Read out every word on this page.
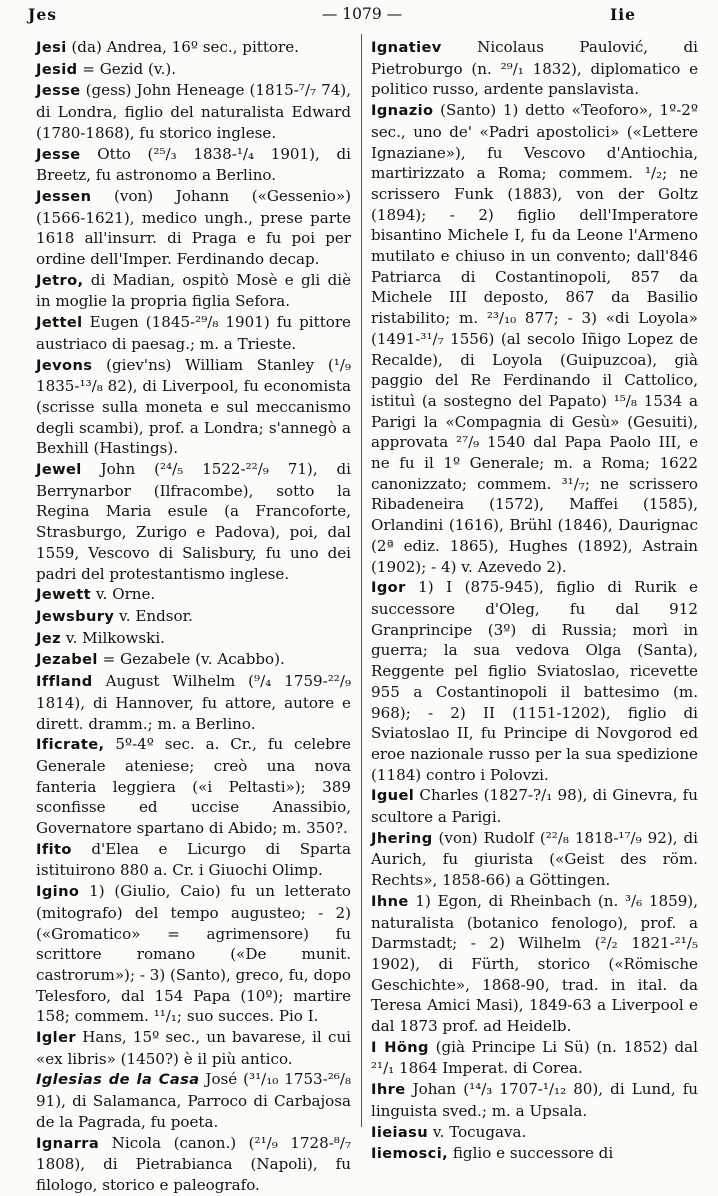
— 1079 —
Jes	Iie

Jesi (da) Andrea, 16º sec., pittore.

Jesid = Gezid (v.).

Jesse (gess) John Heneage (1815-⁷/₇ 74), di Londra, figlio del naturalista Edward (1780-1868), fu storico inglese.

Jesse Otto (²⁵/₃ 1838-¹/₄ 1901), di Breetz, fu astronomo a Berlino.

Jessen (von) Johann («Gessenio») (1566-1621), medico ungh., prese parte 1618 all'insurr. di Praga e fu poi per ordine dell'Imper. Ferdinando decap.

Jetro, di Madian, ospitò Mosè e gli diè in moglie la propria figlia Sefora.

Jettel Eugen (1845-²⁹/₈ 1901) fu pittore austriaco di paesag.; m. a Trieste.

Jevons (giev'ns) William Stanley (¹/₉ 1835-¹³/₈ 82), di Liverpool, fu economista (scrisse sulla moneta e sul meccanismo degli scambi), prof. a Londra; s'annegò a Bexhill (Hastings).

Jewel John (²⁴/₅ 1522-²²/₉ 71), di Berrynarbor (Ilfracombe), sotto la Regina Maria esule (a Francoforte, Strasburgo, Zurigo e Padova), poi, dal 1559, Vescovo di Salisbury, fu uno dei padri del protestantismo inglese.

Jewett v. Orne.

Jewsbury v. Endsor.

Jez v. Milkowski.

Jezabel = Gezabele (v. Acabbo).

Iffland August Wilhelm (⁹/₄ 1759-²²/₉ 1814), di Hannover, fu attore, autore e dirett. dramm.; m. a Berlino.

Ificrate, 5º-4º sec. a. Cr., fu celebre Generale ateniese; creò una nova fanteria leggiera («i Peltasti»); 389 sconfisse ed uccise Anassibio, Governatore spartano di Abido; m. 350?.

Ifito d'Elea e Licurgo di Sparta istituirono 880 a. Cr. i Giuochi Olimp.

Igino 1) (Giulio, Caio) fu un letterato (mitografo) del tempo augusteo; - 2) («Gromatico» = agrimensore) fu scrittore romano («De munit. castrorum»); - 3) (Santo), greco, fu, dopo Telesforo, dal 154 Papa (10º); martire 158; commem. ¹¹/₁; suo succes. Pio I.

Igler Hans, 15º sec., un bavarese, il cui «ex libris» (1450?) è il più antico.

Iglesias de la Casa José (³¹/₁₀ 1753-²⁶/₈ 91), di Salamanca, Parroco di Carbajosa de la Pagrada, fu poeta.

Ignarra Nicola (canon.) (²¹/₉ 1728-⁸/₇ 1808), di Pietrabianca (Napoli), fu filologo, storico e paleografo.

Ignatiev Nicolaus Paulović, di Pietroburgo (n. ²⁹/₁ 1832), diplomatico e politico russo, ardente panslavista.

Ignazio (Santo) 1) detto «Teoforo», 1º-2º sec., uno de' «Padri apostolici» («Lettere Ignaziane»), fu Vescovo d'Antiochia, martirizzato a Roma; commem. ¹/₂; ne scrissero Funk (1883), von der Goltz (1894); - 2) figlio dell'Imperatore bisantino Michele I, fu da Leone l'Armeno mutilato e chiuso in un convento; dall'846 Patriarca di Costantinopoli, 857 da Michele III deposto, 867 da Basilio ristabilito; m. ²³/₁₀ 877; - 3) «di Loyola» (1491-³¹/₇ 1556) (al secolo Iñigo Lopez de Recalde), di Loyola (Guipuzcoa), già paggio del Re Ferdinando il Cattolico, istituì (a sostegno del Papato) ¹⁵/₈ 1534 a Parigi la «Compagnia di Gesù» (Gesuiti), approvata ²⁷/₉ 1540 dal Papa Paolo III, e ne fu il 1º Generale; m. a Roma; 1622 canonizzato; commem. ³¹/₇; ne scrissero Ribadeneira (1572), Maffei (1585), Orlandini (1616), Brühl (1846), Daurignac (2ª ediz. 1865), Hughes (1892), Astrain (1902); - 4) v. Azevedo 2).

Igor 1) I (875-945), figlio di Rurik e successore d'Oleg, fu dal 912 Granprincipe (3º) di Russia; morì in guerra; la sua vedova Olga (Santa), Reggente pel figlio Sviatoslao, ricevette 955 a Costantinopoli il battesimo (m. 968); - 2) II (1151-1202), figlio di Sviatoslao II, fu Principe di Novgorod ed eroe nazionale russo per la sua spedizione (1184) contro i Polovzi.

Iguel Charles (1827-?/₁ 98), di Ginevra, fu scultore a Parigi.

Jhering (von) Rudolf (²²/₈ 1818-¹⁷/₉ 92), di Aurich, fu giurista («Geist des röm. Rechts», 1858-66) a Göttingen.

Ihne 1) Egon, di Rheinbach (n. ³/₆ 1859), naturalista (botanico fenologo), prof. a Darmstadt; - 2) Wilhelm (²/₂ 1821-²¹/₅ 1902), di Fürth, storico («Römische Geschichte», 1868-90, trad. in ital. da Teresa Amici Masi), 1849-63 a Liverpool e dal 1873 prof. ad Heidelb.

I Höng (già Principe Li Sü) (n. 1852) dal ²¹/₁ 1864 Imperat. di Corea.

Ihre Johan (¹⁴/₃ 1707-¹/₁₂ 80), di Lund, fu linguista sved.; m. a Upsala.

Iieiasu v. Tocugava.

Iiemosci, figlio e successore di
